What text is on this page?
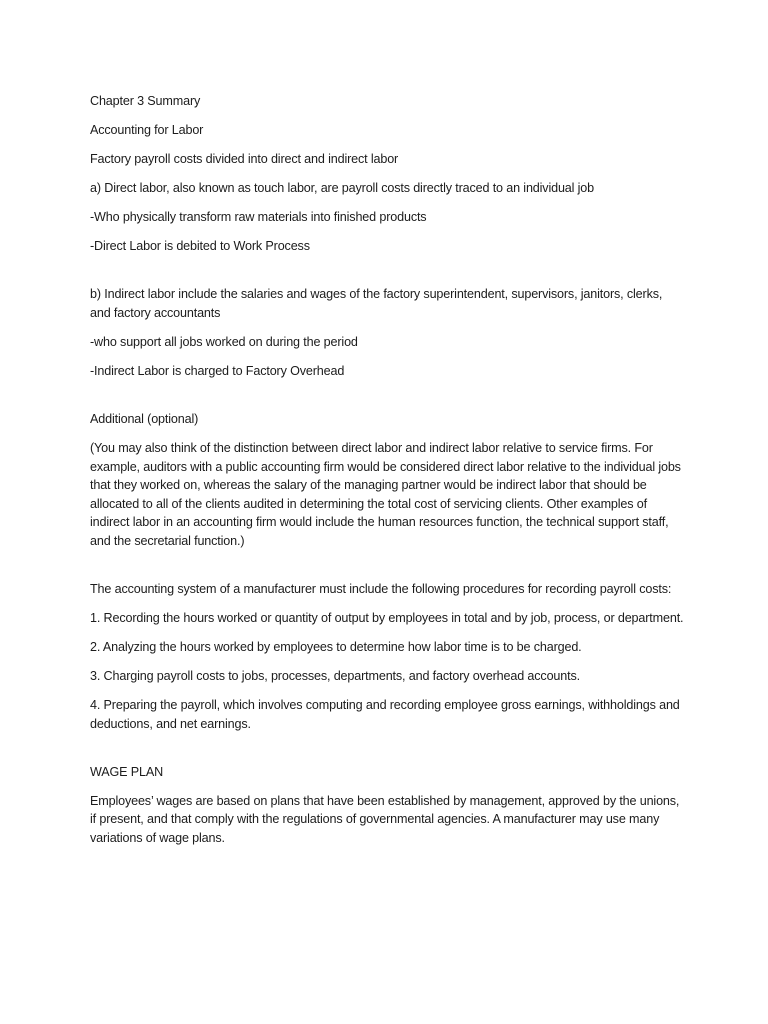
Chapter 3 Summary

Accounting for Labor

Factory payroll costs divided into direct and indirect labor

a) Direct labor, also known as touch labor, are payroll costs directly traced to an individual job

-Who physically transform raw materials into finished products

-Direct Labor is debited to Work Process

b) Indirect labor include the salaries and wages of the factory superintendent, supervisors, janitors, clerks, and factory accountants

-who support all jobs worked on during the period

-Indirect Labor is charged to Factory Overhead

Additional (optional)

(You may also think of the distinction between direct labor and indirect labor relative to service firms. For example, auditors with a public accounting firm would be considered direct labor relative to the individual jobs that they worked on, whereas the salary of the managing partner would be indirect labor that should be allocated to all of the clients audited in determining the total cost of servicing clients. Other examples of indirect labor in an accounting firm would include the human resources function, the technical support staff, and the secretarial function.)

The accounting system of a manufacturer must include the following procedures for recording payroll costs:

1. Recording the hours worked or quantity of output by employees in total and by job, process, or department.

2. Analyzing the hours worked by employees to determine how labor time is to be charged.

3. Charging payroll costs to jobs, processes, departments, and factory overhead accounts.

4. Preparing the payroll, which involves computing and recording employee gross earnings, withholdings and deductions, and net earnings.

WAGE PLAN

Employees’ wages are based on plans that have been established by management, approved by the unions, if present, and that comply with the regulations of governmental agencies. A manufacturer may use many variations of wage plans.
